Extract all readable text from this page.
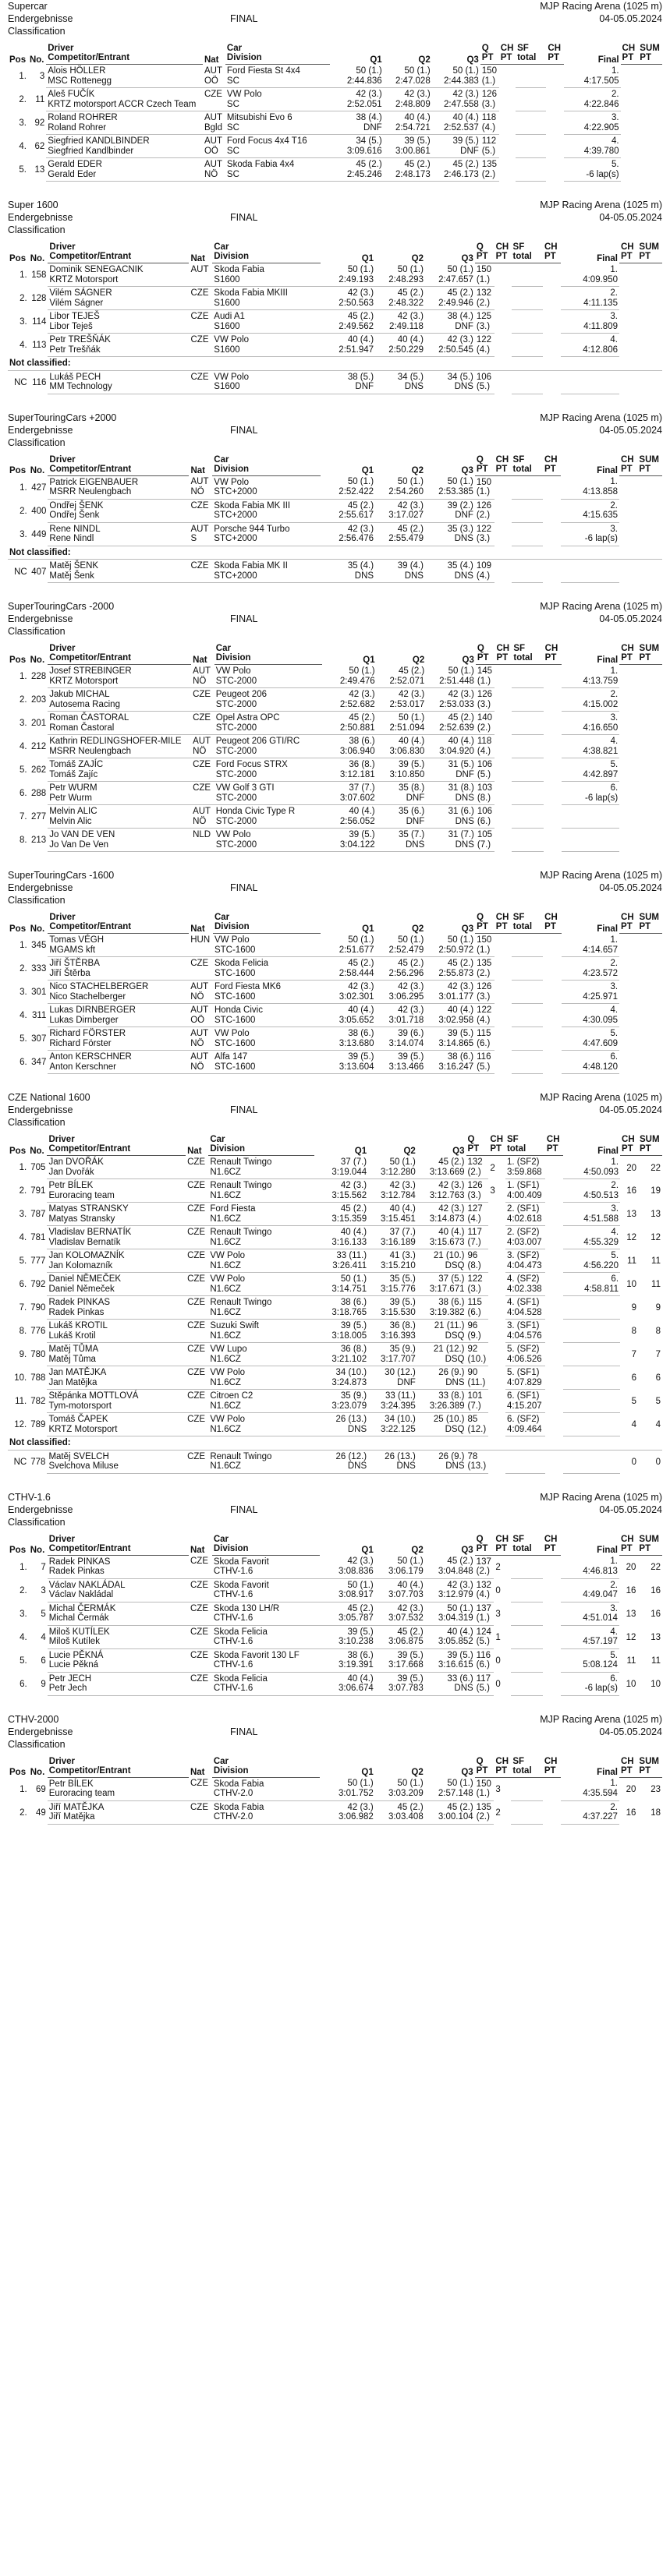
Supercar	MJP Racing Arena (1025 m)
Endergebnisse	FINAL	04-05.05.2024
Classification
Pos	No.	Driver	Nat	Car	Q1	Q2	Q3	Q	CH	SF	CH	Final	CH	SUM
		Competitor/Entrant		Division				PT	PT	total	PT		PT	PT
1.	3	Alois HÖLLER	AUT	Ford Fiesta St 4x4	50 (1.)	50 (1.)	50 (1.)	150				1.		
		MSC Rottenegg	OÖ	SC	2:44.836	2:47.028	2:44.383	(1.)				4:17.505		
2.	11	Aleš FUČÍK	CZE	VW Polo	42 (3.)	42 (3.)	42 (3.)	126				2.		
		KRTZ motorsport ACCR Czech Team		SC	2:52.051	2:48.809	2:47.558	(3.)				4:22.846		
3.	92	Roland ROHRER	AUT	Mitsubishi Evo 6	38 (4.)	40 (4.)	40 (4.)	118				3.		
		Roland Rohrer	Bgld	SC	DNF	2:54.721	2:52.537	(4.)				4:22.905		
4.	62	Siegfried KANDLBINDER	AUT	Ford Focus 4x4 T16	34 (5.)	39 (5.)	39 (5.)	112				4.		
		Siegfried Kandlbinder	OÖ	SC	3:09.616	3:00.861	DNF	(5.)				4:39.780		
5.	13	Gerald EDER	AUT	Skoda Fabia 4x4	45 (2.)	45 (2.)	45 (2.)	135				5.		
		Gerald Eder	NÖ	SC	2:45.246	2:48.173	2:46.173	(2.)				-6 lap(s)		
Super 1600	MJP Racing Arena (1025 m)
Endergebnisse	FINAL	04-05.05.2024
Classification
Pos	No.	Driver	Nat	Car	Q1	Q2	Q3	Q	CH	SF	CH	Final	CH	SUM
		Competitor/Entrant		Division				PT	PT	total	PT		PT	PT
1.	158	Dominik SENEGACNIK	AUT	Skoda Fabia	50 (1.)	50 (1.)	50 (1.)	150				1.		
		KRTZ Motorsport		S1600	2:49.193	2:48.293	2:47.657	(1.)				4:09.950		
2.	128	Vilém SÁGNER	CZE	Skoda Fabia MKIII	42 (3.)	45 (2.)	45 (2.)	132				2.		
		Vilém Ságner		S1600	2:50.563	2:48.322	2:49.946	(2.)				4:11.135		
3.	114	Libor TEJEŠ	CZE	Audi A1	45 (2.)	42 (3.)	38 (4.)	125				3.		
		Libor Teješ		S1600	2:49.562	2:49.118	DNF	(3.)				4:11.809		
4.	113	Petr TREŠŇÁK	CZE	VW Polo	40 (4.)	40 (4.)	42 (3.)	122				4.		
		Petr Trešňák		S1600	2:51.947	2:50.229	2:50.545	(4.)				4:12.806		
Not classified:														
NC	116	Lukáš PECH	CZE	VW Polo	38 (5.)	34 (5.)	34 (5.)	106						
		MM Technology		S1600	DNF	DNS	DNS	(5.)						
SuperTouringCars +2000	MJP Racing Arena (1025 m)
Endergebnisse	FINAL	04-05.05.2024
Classification
Pos	No.	Driver	Nat	Car	Q1	Q2	Q3	Q	CH	SF	CH	Final	CH	SUM
		Competitor/Entrant		Division				PT	PT	total	PT		PT	PT
1.	427	Patrick EIGENBAUER	AUT	VW Polo	50 (1.)	50 (1.)	50 (1.)	150				1.		
		MSRR Neulengbach	NÖ	STC+2000	2:52.422	2:54.260	2:53.385	(1.)				4:13.858		
2.	400	Ondřej ŠENK	CZE	Skoda Fabia MK III	45 (2.)	42 (3.)	39 (2.)	126				2.		
		Ondřej Šenk		STC+2000	2:55.617	3:17.027	DNF	(2.)				4:15.635		
3.	449	Rene NINDL	AUT	Porsche 944 Turbo	42 (3.)	45 (2.)	35 (3.)	122				3.		
		Rene Nindl	S	STC+2000	2:56.476	2:55.479	DNS	(3.)				-6 lap(s)		
Not classified:														
NC	407	Matěj ŠENK	CZE	Skoda Fabia MK II	35 (4.)	39 (4.)	35 (4.)	109						
		Matěj Šenk		STC+2000	DNS	DNS	DNS	(4.)						
SuperTouringCars -2000	MJP Racing Arena (1025 m)
Endergebnisse	FINAL	04-05.05.2024
Classification
Pos	No.	Driver	Nat	Car	Q1	Q2	Q3	Q	CH	SF	CH	Final	CH	SUM
		Competitor/Entrant		Division				PT	PT	total	PT		PT	PT
1.	228	Josef STREBINGER	AUT	VW Polo	50 (1.)	45 (2.)	50 (1.)	145				1.		
		KRTZ Motorsport	NÖ	STC-2000	2:49.476	2:52.071	2:51.448	(1.)				4:13.759		
2.	203	Jakub MICHAL	CZE	Peugeot 206	42 (3.)	42 (3.)	42 (3.)	126				2.		
		Autosema Racing		STC-2000	2:52.682	2:53.017	2:53.033	(3.)				4:15.002		
3.	201	Roman ČASTORAL	CZE	Opel Astra OPC	45 (2.)	50 (1.)	45 (2.)	140				3.		
		Roman Častoral		STC-2000	2:50.881	2:51.094	2:52.639	(2.)				4:16.650		
4.	212	Kathrin REDLINGSHOFER-MILE	AUT	Peugeot 206 GTI/RC	38 (6.)	40 (4.)	40 (4.)	118				4.		
		MSRR Neulengbach	NÖ	STC-2000	3:06.940	3:06.830	3:04.920	(4.)				4:38.821		
5.	262	Tomáš ZAJÍC	CZE	Ford Focus STRX	36 (8.)	39 (5.)	31 (5.)	106				5.		
		Tomáš Zajíc		STC-2000	3:12.181	3:10.850	DNF	(5.)				4:42.897		
6.	288	Petr WURM	CZE	VW Golf 3 GTI	37 (7.)	35 (8.)	31 (8.)	103				6.		
		Petr Wurm		STC-2000	3:07.602	DNF	DNS	(8.)				-6 lap(s)		
7.	277	Melvin ALIC	AUT	Honda Civic Type R	40 (4.)	35 (6.)	31 (6.)	106						
		Melvin Alic	NÖ	STC-2000	2:56.052	DNF	DNS	(6.)						
8.	213	Jo VAN DE VEN	NLD	VW Polo	39 (5.)	35 (7.)	31 (7.)	105						
		Jo Van De Ven		STC-2000	3:04.122	DNS	DNS	(7.)						
SuperTouringCars -1600	MJP Racing Arena (1025 m)
Endergebnisse	FINAL	04-05.05.2024
Classification
Pos	No.	Driver	Nat	Car	Q1	Q2	Q3	Q	CH	SF	CH	Final	CH	SUM
		Competitor/Entrant		Division				PT	PT	total	PT		PT	PT
1.	345	Tomas VÉGH	HUN	VW Polo	50 (1.)	50 (1.)	50 (1.)	150				1.		
		MGAMS kft		STC-1600	2:51.677	2:52.479	2:50.972	(1.)				4:14.657		
2.	333	Jiří ŠTĚRBA	CZE	Skoda Felicia	45 (2.)	45 (2.)	45 (2.)	135				2.		
		Jiří Štěrba		STC-1600	2:58.444	2:56.296	2:55.873	(2.)				4:23.572		
3.	301	Nico STACHELBERGER	AUT	Ford Fiesta MK6	42 (3.)	42 (3.)	42 (3.)	126				3.		
		Nico Stachelberger	NÖ	STC-1600	3:02.301	3:06.295	3:01.177	(3.)				4:25.971		
4.	311	Lukas DIRNBERGER	AUT	Honda Civic	40 (4.)	42 (3.)	40 (4.)	122				4.		
		Lukas Dirnberger	OÖ	STC-1600	3:05.652	3:01.718	3:02.958	(4.)				4:30.095		
5.	307	Richard FÖRSTER	AUT	VW Polo	38 (6.)	39 (6.)	39 (5.)	115				5.		
		Richard Förster	NÖ	STC-1600	3:13.680	3:14.074	3:14.865	(6.)				4:47.609		
6.	347	Anton KERSCHNER	AUT	Alfa 147	39 (5.)	39 (5.)	38 (6.)	116				6.		
		Anton Kerschner	NÖ	STC-1600	3:13.604	3:13.466	3:16.247	(5.)				4:48.120		
CZE National 1600	MJP Racing Arena (1025 m)
Endergebnisse	FINAL	04-05.05.2024
Classification
Pos	No.	Driver	Nat	Car	Q1	Q2	Q3	Q	CH	SF	CH	Final	CH	SUM
		Competitor/Entrant		Division				PT	PT	total	PT		PT	PT
1.	705	Jan DVOŘÁK	CZE	Renault Twingo	37 (7.)	50 (1.)	45 (2.)	132	2	1. (SF2)		1.	20	22
		Jan Dvořák		N1.6CZ	3:19.044	3:12.280	3:13.669	(2.)		3:59.868		4:50.093		
2.	791	Petr BÍLEK	CZE	Renault Twingo	42 (3.)	42 (3.)	42 (3.)	126	3	1. (SF1)		2.	16	19
		Euroracing team		N1.6CZ	3:15.562	3:12.784	3:12.763	(3.)		4:00.409		4:50.513		
3.	787	Matyas STRANSKY	CZE	Ford Fiesta	45 (2.)	40 (4.)	42 (3.)	127		2. (SF1)		3.	13	13
		Matyas Stransky		N1.6CZ	3:15.359	3:15.451	3:14.873	(4.)		4:02.618		4:51.588		
4.	781	Vladislav BERNATÍK	CZE	Renault Twingo	40 (4.)	37 (7.)	40 (4.)	117		2. (SF2)		4.	12	12
		Vladislav Bernatík		N1.6CZ	3:16.133	3:16.189	3:15.673	(7.)		4:03.007		4:55.329		
5.	777	Jan KOLOMAZNÍK	CZE	VW Polo	33 (11.)	41 (3.)	21 (10.)	96		3. (SF2)		5.	11	11
		Jan Kolomazník		N1.6CZ	3:26.411	3:15.210	DSQ	(8.)		4:04.473		4:56.220		
6.	792	Daniel NĚMEČEK	CZE	VW Polo	50 (1.)	35 (5.)	37 (5.)	122		4. (SF2)		6.	10	11
		Daniel Němeček		N1.6CZ	3:14.751	3:15.776	3:17.671	(3.)		4:02.338		4:58.811		
7.	790	Radek PINKAS	CZE	Renault Twingo	38 (6.)	39 (5.)	38 (6.)	115		4. (SF1)			9	9
		Radek Pinkas		N1.6CZ	3:18.765	3:15.530	3:19.382	(6.)		4:04.528				
8.	776	Lukáš KROTIL	CZE	Suzuki Swift	39 (5.)	36 (8.)	21 (11.)	96		3. (SF1)			8	8
		Lukáš Krotil		N1.6CZ	3:18.005	3:16.393	DSQ	(9.)		4:04.576				
9.	780	Matěj TŮMA	CZE	VW Lupo	36 (8.)	35 (9.)	21 (12.)	92		5. (SF2)			7	7
		Matěj Tůma		N1.6CZ	3:21.102	3:17.707	DSQ	(10.)		4:06.526				
10.	788	Jan MATĚJKA	CZE	VW Polo	34 (10.)	30 (12.)	26 (9.)	90		5. (SF1)			6	6
		Jan Matějka		N1.6CZ	3:24.873	DNF	DNS	(11.)		4:07.829				
11.	782	Stěpánka MOTTLOVÁ	CZE	Citroen C2	35 (9.)	33 (11.)	33 (8.)	101		6. (SF1)			5	5
		Tym-motorsport		N1.6CZ	3:23.079	3:24.395	3:26.389	(7.)		4:15.207				
12.	789	Tomáš ČAPEK	CZE	VW Polo	26 (13.)	34 (10.)	25 (10.)	85		6. (SF2)			4	4
		KRTZ Motorsport		N1.6CZ	DNS	3:22.125	DSQ	(12.)		4:09.464				
Not classified:														
NC	778	Matěj SVELCH	CZE	Renault Twingo	26 (12.)	26 (13.)	26 (9.)	78					0	0
		Svelchova Miluse		N1.6CZ	DNS	DNS	DNS	(13.)						
CTHV-1.6	MJP Racing Arena (1025 m)
Endergebnisse	FINAL	04-05.05.2024
Classification
Pos	No.	Driver	Nat	Car	Q1	Q2	Q3	Q	CH	SF	CH	Final	CH	SUM
		Competitor/Entrant		Division				PT	PT	total	PT		PT	PT
1.	7	Radek PINKAS	CZE	Skoda Favorit	42 (3.)	50 (1.)	45 (2.)	137	2			1.	20	22
		Radek Pinkas		CTHV-1.6	3:08.836	3:06.179	3:04.848	(2.)				4:46.813		
2.	3	Václav NAKLÁDAL	CZE	Skoda Favorit	50 (1.)	40 (4.)	42 (3.)	132	0			2.	16	16
		Václav Nakládal		CTHV-1.6	3:08.917	3:07.703	3:12.979	(4.)				4:49.047		
3.	5	Michal ČERMÁK	CZE	Skoda 130 LH/R	45 (2.)	42 (3.)	50 (1.)	137	3			3.	13	16
		Michal Čermák		CTHV-1.6	3:05.787	3:07.532	3:04.319	(1.)				4:51.014		
4.	4	Miloš KUTÍLEK	CZE	Skoda Felicia	39 (5.)	45 (2.)	40 (4.)	124	1			4.	12	13
		Miloš Kutílek		CTHV-1.6	3:10.238	3:06.875	3:05.852	(5.)				4:57.197		
5.	6	Lucie PĚKNÁ	CZE	Skoda Favorit 130 LF	38 (6.)	39 (5.)	39 (5.)	116	0			5.	11	11
		Lucie Pěkná		CTHV-1.6	3:19.391	3:17.668	3:16.615	(6.)				5:08.124		
6.	9	Petr JECH	CZE	Skoda Felicia	40 (4.)	39 (5.)	33 (6.)	117	0			6.	10	10
		Petr Jech		CTHV-1.6	3:06.674	3:07.783	DNS	(5.)				-6 lap(s)		
CTHV-2000	MJP Racing Arena (1025 m)
Endergebnisse	FINAL	04-05.05.2024
Classification
Pos	No.	Driver	Nat	Car	Q1	Q2	Q3	Q	CH	SF	CH	Final	CH	SUM
		Competitor/Entrant		Division				PT	PT	total	PT		PT	PT
1.	69	Petr BÍLEK	CZE	Skoda Fabia	50 (1.)	50 (1.)	50 (1.)	150	3			1.	20	23
		Euroracing team		CTHV-2.0	3:01.752	3:03.209	2:57.148	(1.)				4:35.594		
2.	49	Jiří MATĚJKA	CZE	Skoda Fabia	42 (3.)	45 (2.)	45 (2.)	135	2			2.	16	18
		Jiří Matějka		CTHV-2.0	3:06.982	3:03.408	3:00.104	(2.)				4:37.227		
